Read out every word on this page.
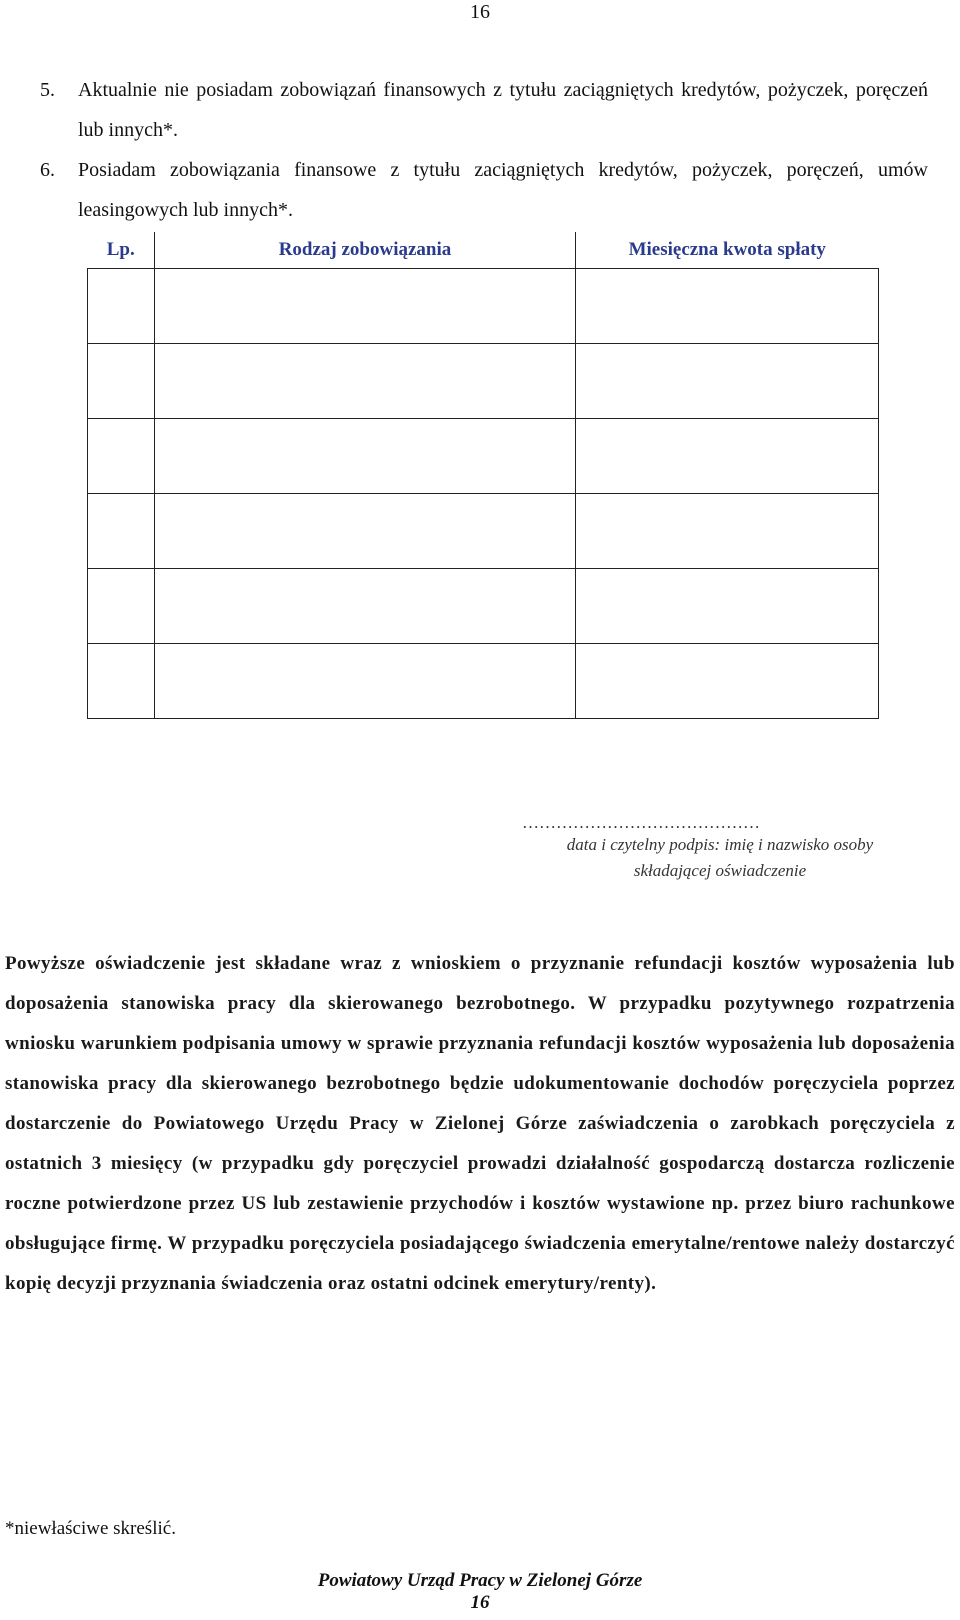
16
5. Aktualnie nie posiadam zobowiązań finansowych z tytułu zaciągniętych kredytów, pożyczek, poręczeń lub innych*.
6. Posiadam zobowiązania finansowe z tytułu zaciągniętych kredytów, pożyczek, poręczeń, umów leasingowych lub innych*.
Lp.	Rodzaj zobowiązania	Miesięczna kwota spłaty

……………………………………
data i czytelny podpis: imię i nazwisko osoby
składającej oświadczenie
Powyższe oświadczenie jest składane wraz z wnioskiem o przyznanie refundacji kosztów wyposażenia lub doposażenia stanowiska pracy dla skierowanego bezrobotnego. W przypadku pozytywnego rozpatrzenia wniosku warunkiem podpisania umowy w sprawie przyznania refundacji kosztów wyposażenia lub doposażenia stanowiska pracy dla skierowanego bezrobotnego będzie udokumentowanie dochodów poręczyciela poprzez dostarczenie do Powiatowego Urzędu Pracy w Zielonej Górze zaświadczenia o zarobkach poręczyciela z ostatnich 3 miesięcy (w przypadku gdy poręczyciel prowadzi działalność gospodarczą dostarcza rozliczenie roczne potwierdzone przez US lub zestawienie przychodów i kosztów wystawione np. przez biuro rachunkowe obsługujące firmę. W przypadku poręczyciela posiadającego świadczenia emerytalne/rentowe należy dostarczyć kopię decyzji przyznania świadczenia oraz ostatni odcinek emerytury/renty).
*niewłaściwe skreślić.
Powiatowy Urząd Pracy w Zielonej Górze
16
